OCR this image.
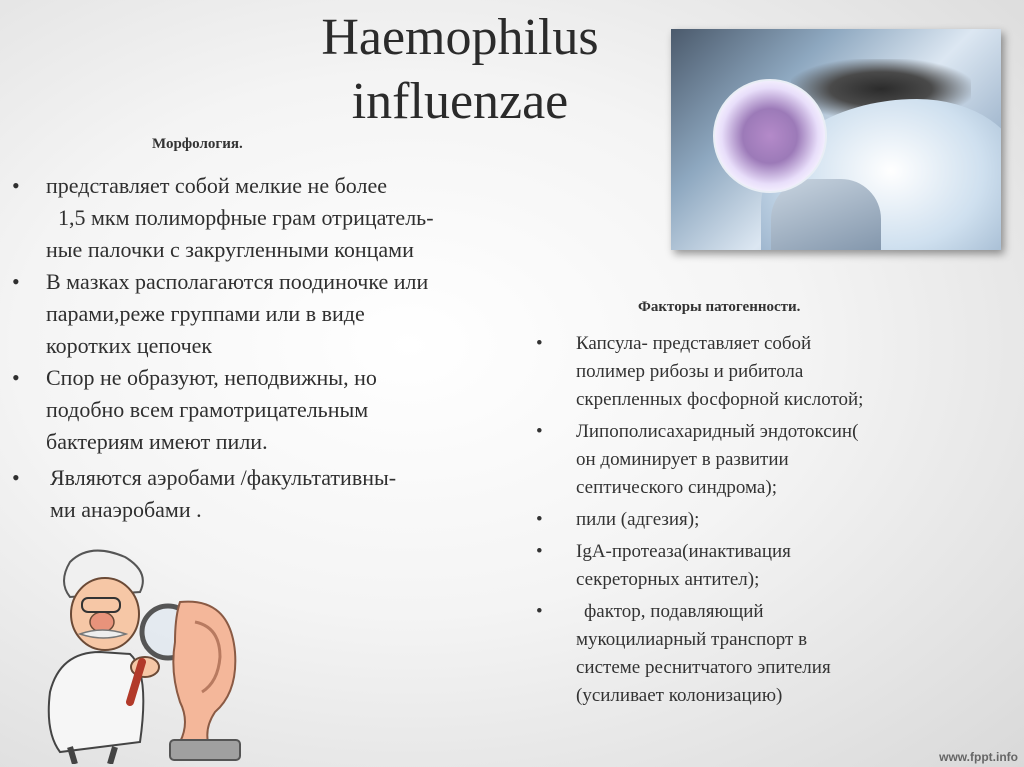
Haemophilus
influenzae
Морфология.
• представляет собой мелкие не более
1,5 мкм полиморфные грам отрицатель-
ные палочки с закругленными концами
• В мазках располагаются поодиночке или
парами,реже группами или в виде
коротких цепочек
• Спор не образуют, неподвижны, но
подобно всем грамотрицательным
бактериям имеют пили.
• Являются аэробами /факультативны-
ми анаэробами .
Факторы патогенности.
• Капсула- представляет собой
полимер рибозы и рибитола
скрепленных фосфорной кислотой;
• Липополисахаридный эндотоксин(
он доминирует в развитии
септического синдрома);
• пили (адгезия);
• IgA-протеаза(инактивация
секреторных антител);
•	фактор, подавляющий
мукоцилиарный транспорт в
системе реснитчатого эпителия
(усиливает колонизацию)
www.fppt.info
